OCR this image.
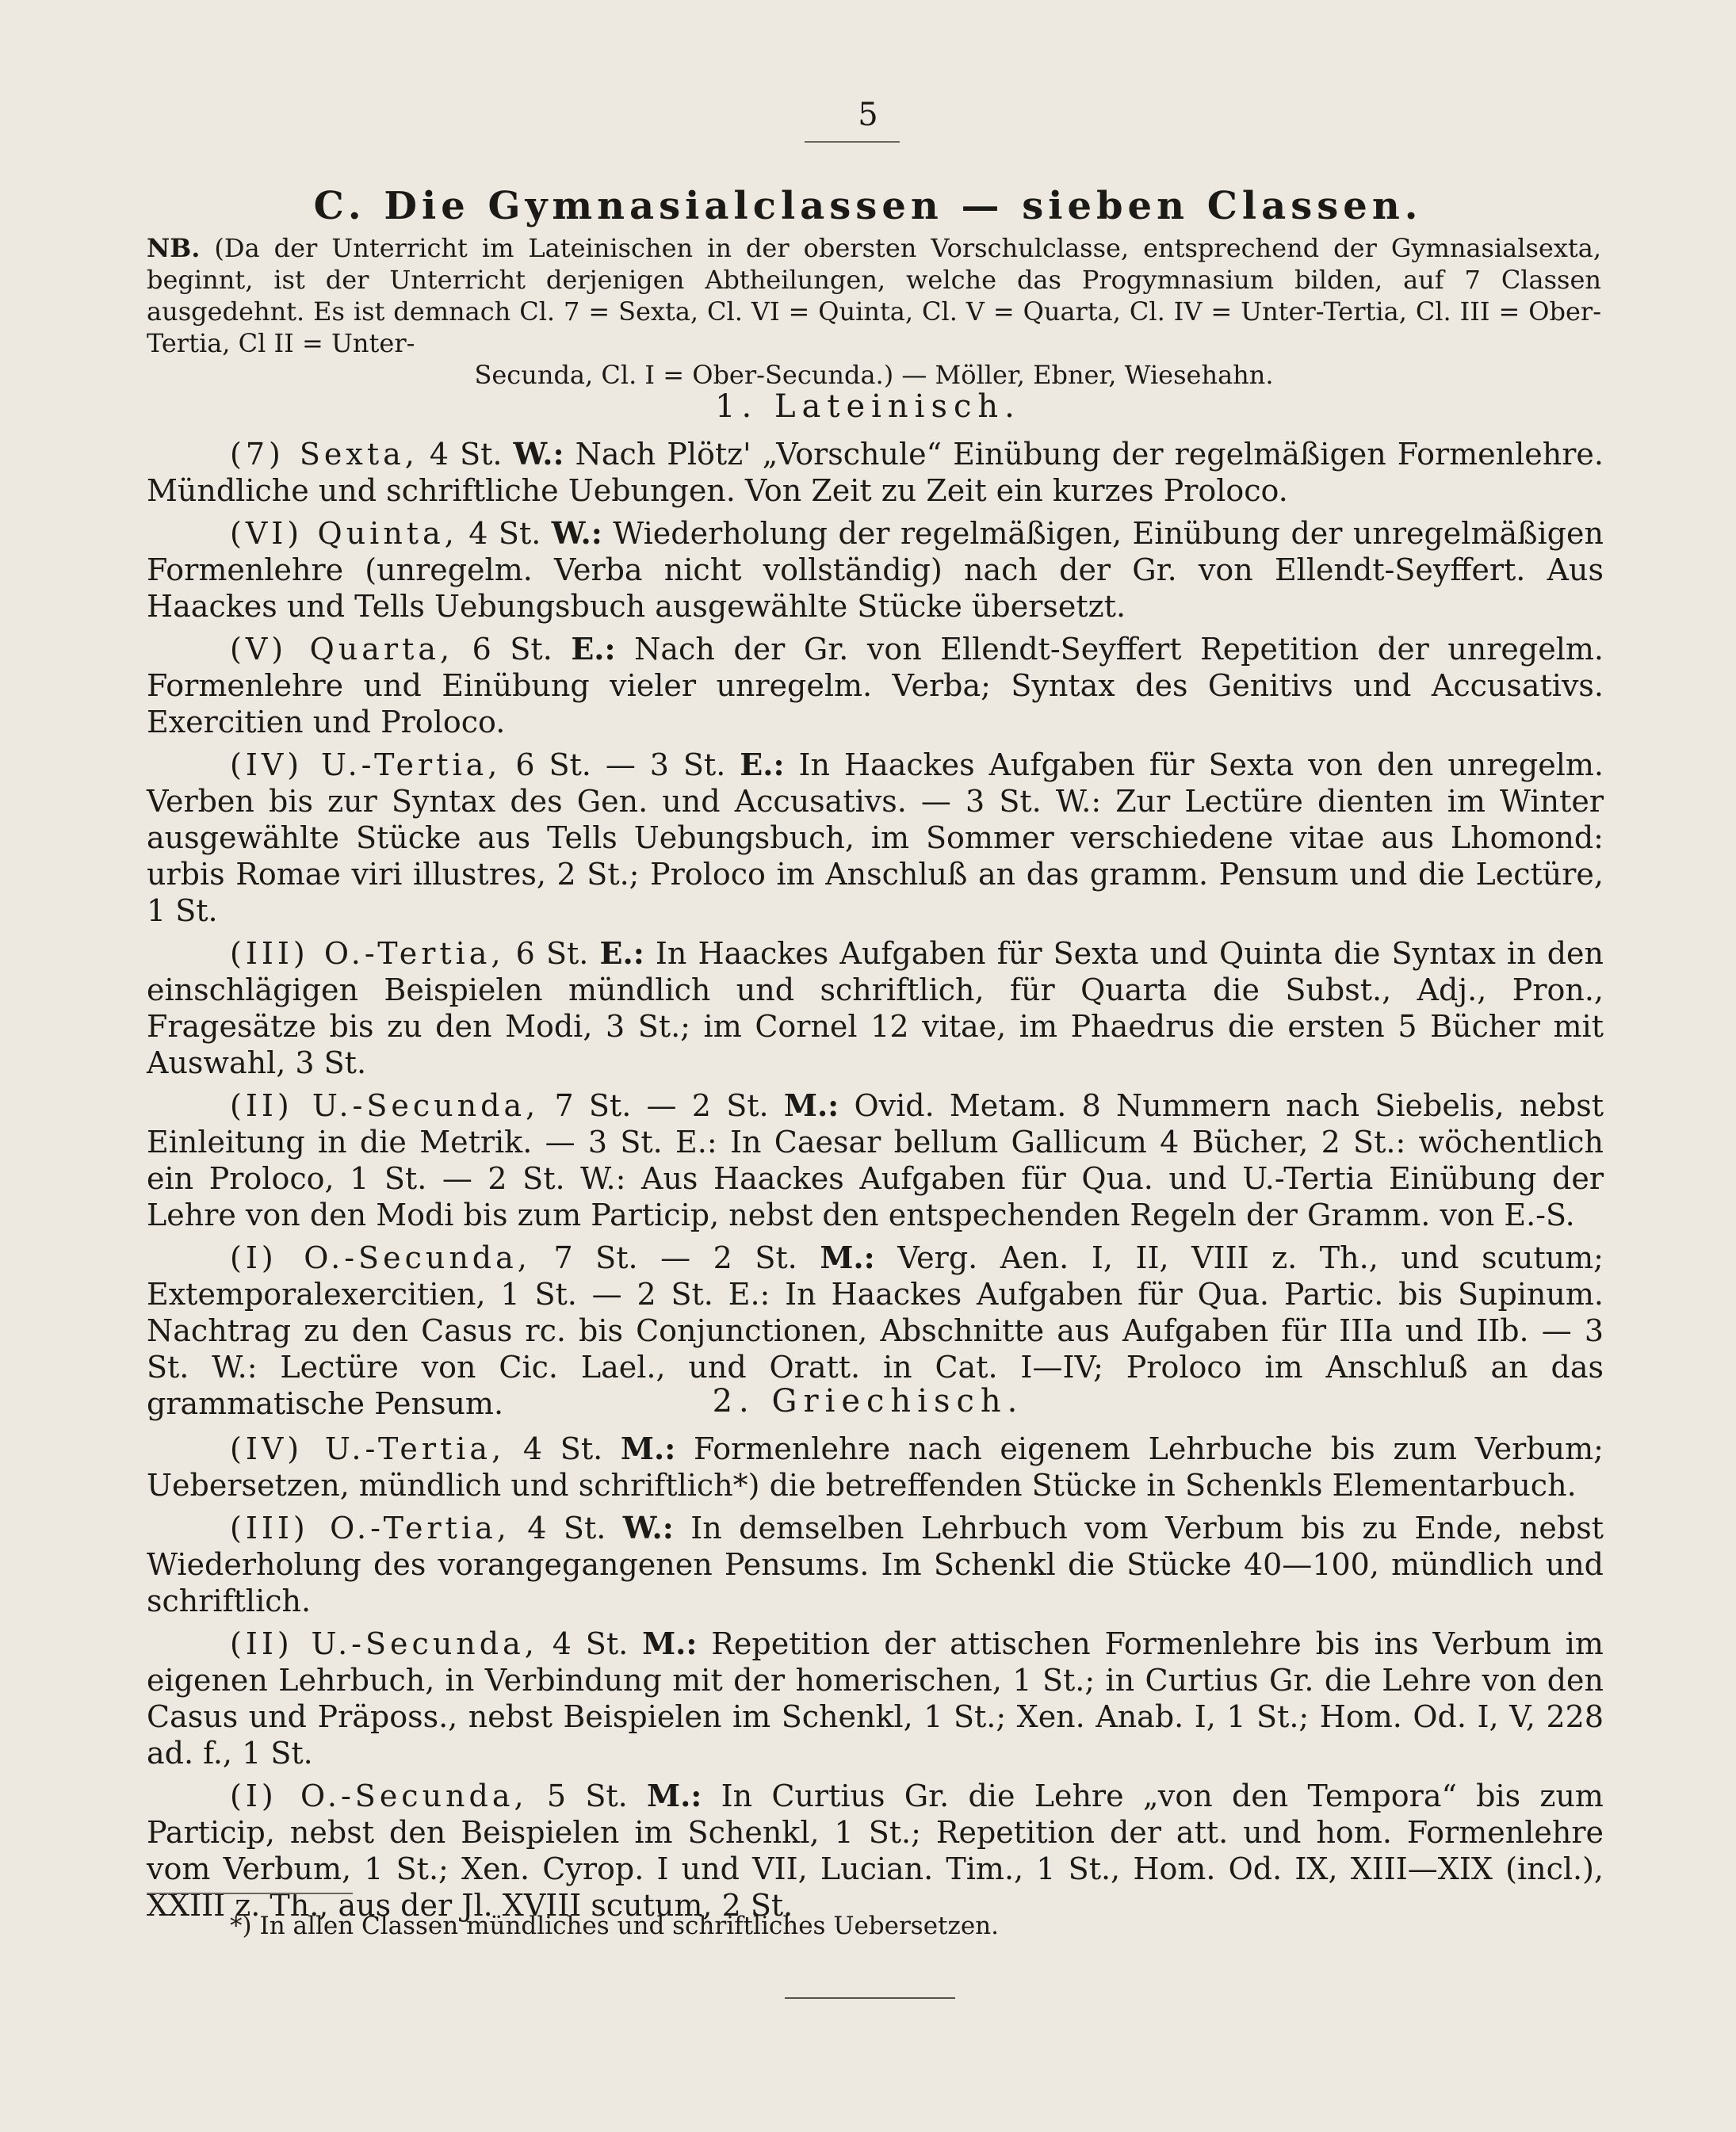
5
C. Die Gymnasialclassen — sieben Classen.
NB. (Da der Unterricht im Lateinischen in der obersten Vorschulclasse, entsprechend der Gymnasialsexta, beginnt, ist der Unterricht derjenigen Abtheilungen, welche das Progymnasium bilden, auf 7 Classen ausgedehnt. Es ist demnach Cl. 7 = Sexta, Cl. VI = Quinta, Cl. V = Quarta, Cl. IV = Unter-Tertia, Cl. III = Ober-Tertia, Cl II = Unter-
Secunda, Cl. I = Ober-Secunda.) — Möller, Ebner, Wiesehahn.
1. Lateinisch.

(7) Sexta, 4 St. W.: Nach Plötz' „Vorschule“ Einübung der regelmäßigen Formenlehre. Mündliche und schriftliche Uebungen. Von Zeit zu Zeit ein kurzes Proloco.

(VI) Quinta, 4 St. W.: Wiederholung der regelmäßigen, Einübung der unregelmäßigen Formenlehre (unregelm. Verba nicht vollständig) nach der Gr. von Ellendt-Seyffert. Aus Haackes und Tells Uebungsbuch ausgewählte Stücke übersetzt.

(V) Quarta, 6 St. E.: Nach der Gr. von Ellendt-Seyffert Repetition der unregelm. Formenlehre und Einübung vieler unregelm. Verba; Syntax des Genitivs und Accusativs. Exercitien und Proloco.

(IV) U.-Tertia, 6 St. — 3 St. E.: In Haackes Aufgaben für Sexta von den unregelm. Verben bis zur Syntax des Gen. und Accusativs. — 3 St. W.: Zur Lectüre dienten im Winter ausgewählte Stücke aus Tells Uebungsbuch, im Sommer verschiedene vitae aus Lhomond: urbis Romae viri illustres, 2 St.; Proloco im Anschluß an das gramm. Pensum und die Lectüre, 1 St.

(III) O.-Tertia, 6 St. E.: In Haackes Aufgaben für Sexta und Quinta die Syntax in den einschlägigen Beispielen mündlich und schriftlich, für Quarta die Subst., Adj., Pron., Fragesätze bis zu den Modi, 3 St.; im Cornel 12 vitae, im Phaedrus die ersten 5 Bücher mit Auswahl, 3 St.

(II) U.-Secunda, 7 St. — 2 St. M.: Ovid. Metam. 8 Nummern nach Siebelis, nebst Einleitung in die Metrik. — 3 St. E.: In Caesar bellum Gallicum 4 Bücher, 2 St.: wöchentlich ein Proloco, 1 St. — 2 St. W.: Aus Haackes Aufgaben für Qua. und U.-Tertia Einübung der Lehre von den Modi bis zum Particip, nebst den entspechenden Regeln der Gramm. von E.-S.

(I) O.-Secunda, 7 St. — 2 St. M.: Verg. Aen. I, II, VIII z. Th., und scutum; Extemporalexercitien, 1 St. — 2 St. E.: In Haackes Aufgaben für Qua. Partic. bis Supinum. Nachtrag zu den Casus rc. bis Conjunctionen, Abschnitte aus Aufgaben für IIIa und IIb. — 3 St. W.: Lectüre von Cic. Lael., und Oratt. in Cat. I—IV; Proloco im Anschluß an das grammatische Pensum.	2. Griechisch.

(IV) U.-Tertia, 4 St. M.: Formenlehre nach eigenem Lehrbuche bis zum Verbum; Uebersetzen, mündlich und schriftlich*) die betreffenden Stücke in Schenkls Elementarbuch.

(III) O.-Tertia, 4 St. W.: In demselben Lehrbuch vom Verbum bis zu Ende, nebst Wiederholung des vorangegangenen Pensums. Im Schenkl die Stücke 40—100, mündlich und schriftlich.

(II) U.-Secunda, 4 St. M.: Repetition der attischen Formenlehre bis ins Verbum im eigenen Lehrbuch, in Verbindung mit der homerischen, 1 St.; in Curtius Gr. die Lehre von den Casus und Präposs., nebst Beispielen im Schenkl, 1 St.; Xen. Anab. I, 1 St.; Hom. Od. I, V, 228 ad. f., 1 St.

(I) O.-Secunda, 5 St. M.: In Curtius Gr. die Lehre „von den Tempora“ bis zum Particip, nebst den Beispielen im Schenkl, 1 St.; Repetition der att. und hom. Formenlehre vom Verbum, 1 St.; Xen. Cyrop. I und VII, Lucian. Tim., 1 St., Hom. Od. IX, XIII—XIX (incl.), XXIII z. Th., aus der Jl. XVIII scutum, 2 St.

*) In allen Classen mündliches und schriftliches Uebersetzen.
